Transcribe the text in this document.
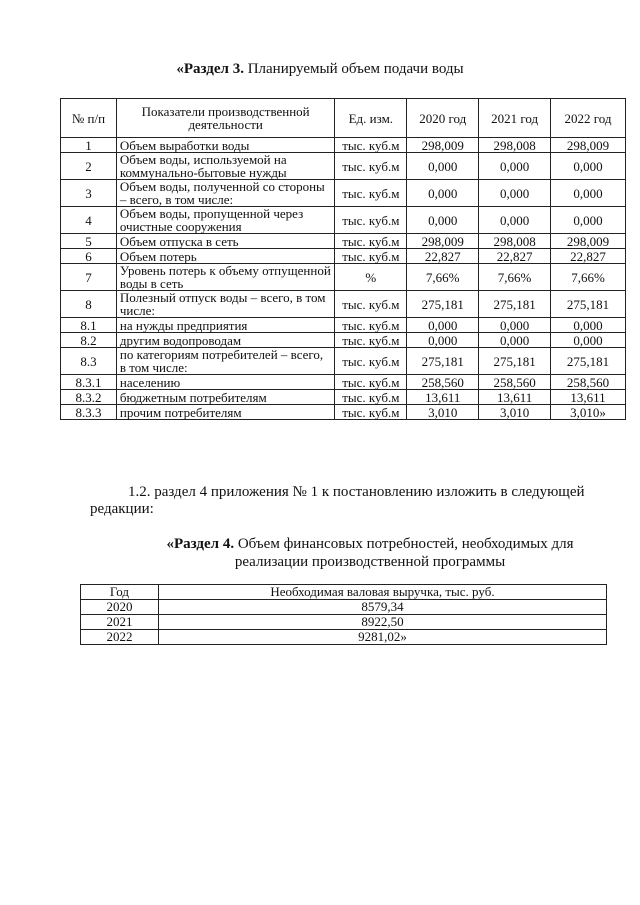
«Раздел 3. Планируемый объем подачи воды
№ п/п	Показатели производственной деятельности	Ед. изм.	2020 год	2021 год	2022 год
1	Объем выработки воды	тыс. куб.м	298,009	298,008	298,009
2	Объем воды, используемой на коммунально-бытовые нужды	тыс. куб.м	0,000	0,000	0,000
3	Объем воды, полученной со стороны – всего, в том числе:	тыс. куб.м	0,000	0,000	0,000
4	Объем воды, пропущенной через очистные сооружения	тыс. куб.м	0,000	0,000	0,000
5	Объем отпуска в сеть	тыс. куб.м	298,009	298,008	298,009
6	Объем потерь	тыс. куб.м	22,827	22,827	22,827
7	Уровень потерь к объему отпущенной воды в сеть	%	7,66%	7,66%	7,66%
8	Полезный отпуск воды – всего, в том числе:	тыс. куб.м	275,181	275,181	275,181
8.1	на нужды предприятия	тыс. куб.м	0,000	0,000	0,000
8.2	другим водопроводам	тыс. куб.м	0,000	0,000	0,000
8.3	по категориям потребителей – всего, в том числе:	тыс. куб.м	275,181	275,181	275,181
8.3.1	населению	тыс. куб.м	258,560	258,560	258,560
8.3.2	бюджетным потребителям	тыс. куб.м	13,611	13,611	13,611
8.3.3	прочим потребителям	тыс. куб.м	3,010	3,010	3,010»
1.2. раздел 4 приложения № 1 к постановлению изложить в следующей
редакции:
«Раздел 4. Объем финансовых потребностей, необходимых для реализации производственной программы
Год	Необходимая валовая выручка, тыс. руб.
2020	8579,34
2021	8922,50
2022	9281,02»
